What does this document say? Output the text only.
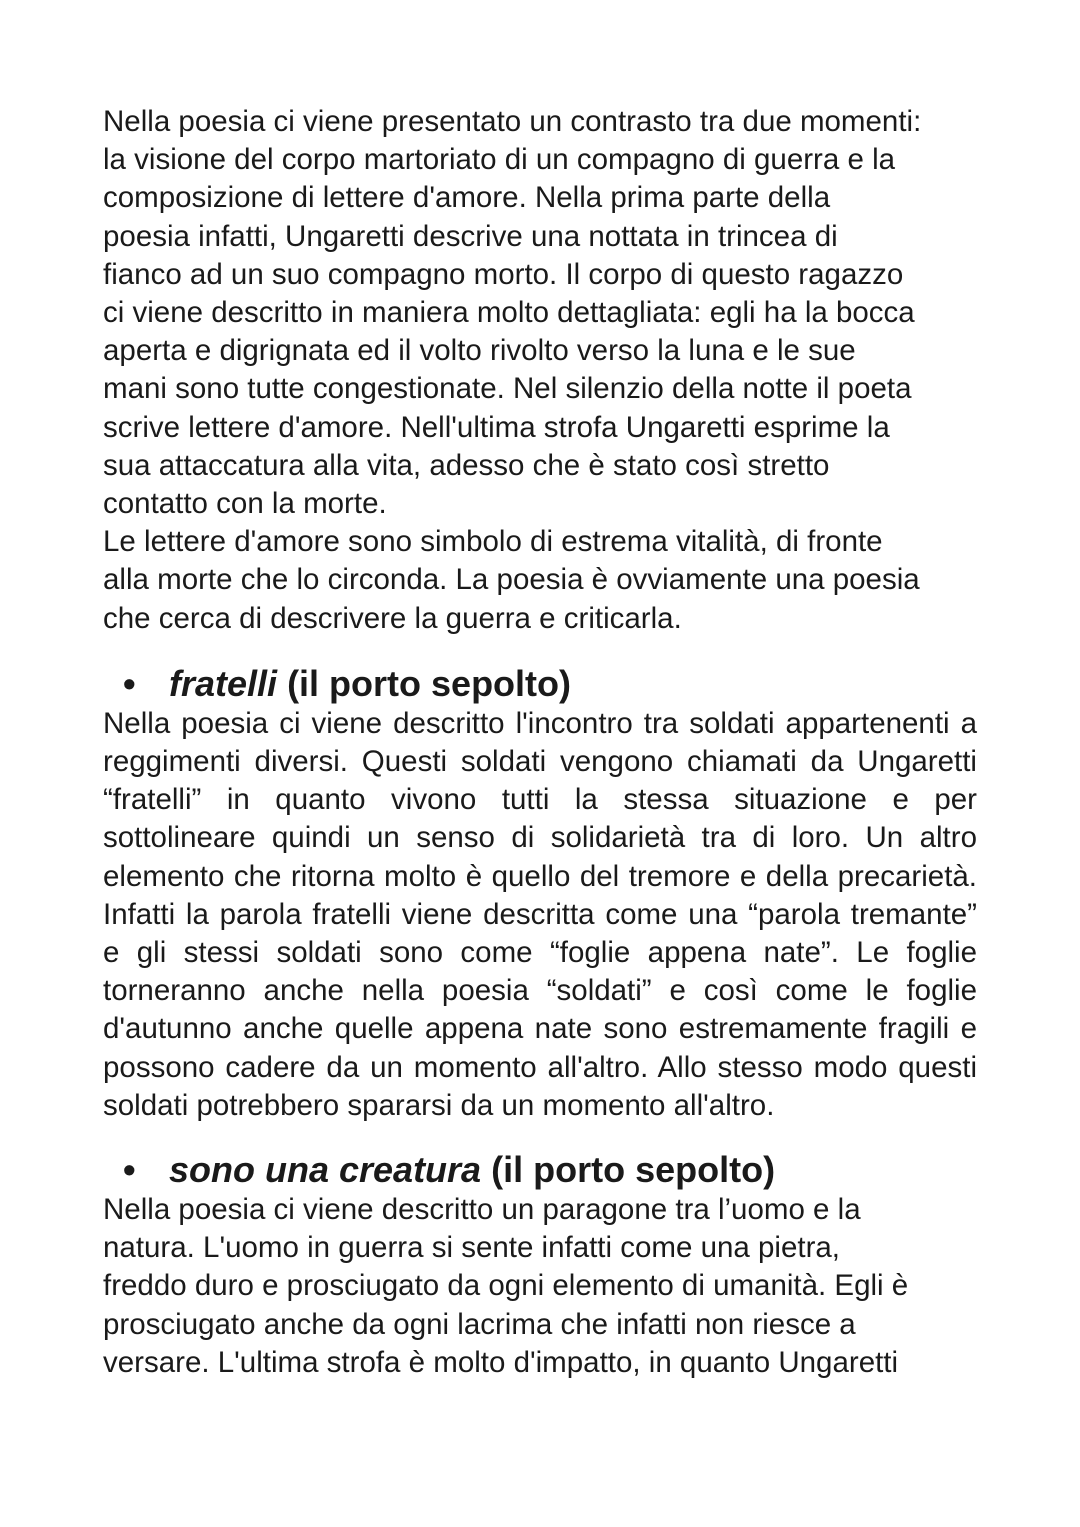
Nella poesia ci viene presentato un contrasto tra due momenti:
la visione del corpo martoriato di un compagno di guerra e la
composizione di lettere d'amore. Nella prima parte della
poesia infatti, Ungaretti descrive una nottata in trincea di
fianco ad un suo compagno morto. Il corpo di questo ragazzo
ci viene descritto in maniera molto dettagliata: egli ha la bocca
aperta e digrignata ed il volto rivolto verso la luna e le sue
mani sono tutte congestionate. Nel silenzio della notte il poeta
scrive lettere d'amore. Nell'ultima strofa Ungaretti esprime la
sua attaccatura alla vita, adesso che è stato così stretto
contatto con la morte.

Le lettere d'amore sono simbolo di estrema vitalità, di fronte
alla morte che lo circonda. La poesia è ovviamente una poesia
che cerca di descrivere la guerra e criticarla.

• fratelli (il porto sepolto)

Nella poesia ci viene descritto l'incontro tra soldati appartenenti a reggimenti diversi. Questi soldati vengono chiamati da Ungaretti “fratelli” in quanto vivono tutti la stessa situazione e per sottolineare quindi un senso di solidarietà tra di loro. Un altro elemento che ritorna molto è quello del tremore e della precarietà. Infatti la parola fratelli viene descritta come una “parola tremante” e gli stessi soldati sono come “foglie appena nate”. Le foglie torneranno anche nella poesia “soldati” e così come le foglie d'autunno anche quelle appena nate sono estremamente fragili e possono cadere da un momento all'altro. Allo stesso modo questi soldati potrebbero spararsi da un momento all'altro.

• sono una creatura (il porto sepolto)

Nella poesia ci viene descritto un paragone tra l’uomo e la
natura. L'uomo in guerra si sente infatti come una pietra,
freddo duro e prosciugato da ogni elemento di umanità. Egli è
prosciugato anche da ogni lacrima che infatti non riesce a
versare. L'ultima strofa è molto d'impatto, in quanto Ungaretti
